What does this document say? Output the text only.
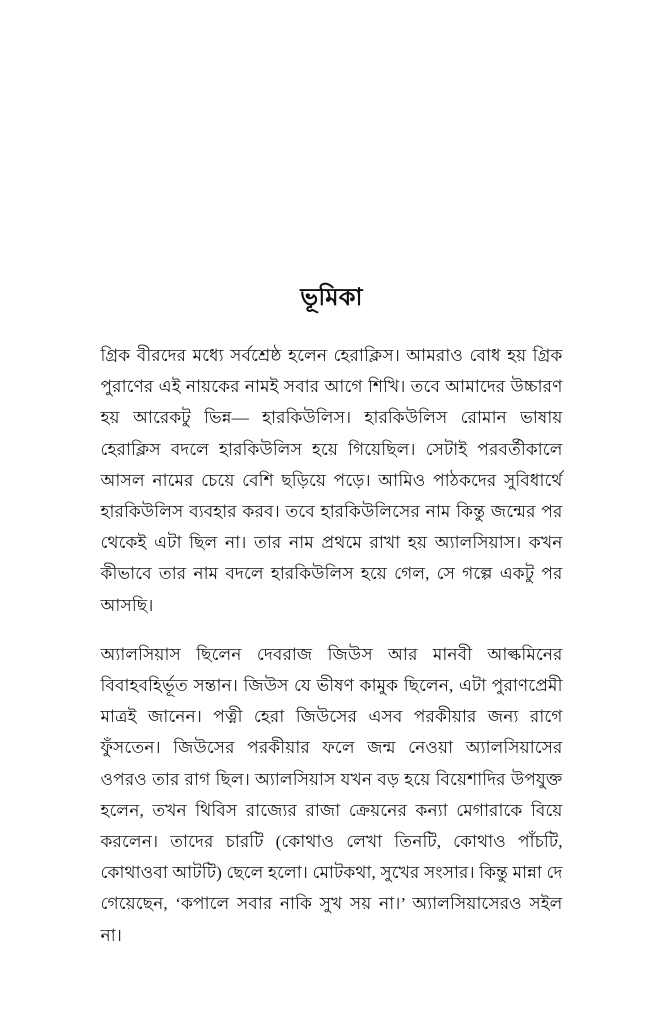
ভূমিকা

গ্রিক বীরদের মধ্যে সর্বশ্রেষ্ঠ হলেন হেরাক্লিস। আমরাও বোধ হয় গ্রিক পুরাণের এই নায়কের নামই সবার আগে শিখি। তবে আমাদের উচ্চারণ হয় আরেকটু ভিন্ন— হারকিউলিস। হারকিউলিস রোমান ভাষায় হেরাক্লিস বদলে হারকিউলিস হয়ে গিয়েছিল। সেটাই পরবর্তীকালে আসল নামের চেয়ে বেশি ছড়িয়ে পড়ে। আমিও পাঠকদের সুবিধার্থে হারকিউলিস ব্যবহার করব। তবে হারকিউলিসের নাম কিন্তু জন্মের পর থেকেই এটা ছিল না। তার নাম প্রথমে রাখা হয় অ্যালসিয়াস। কখন কীভাবে তার নাম বদলে হারকিউলিস হয়ে গেল, সে গল্পে একটু পর আসছি।

অ্যালসিয়াস ছিলেন দেবরাজ জিউস আর মানবী আল্কমিনের বিবাহবহির্ভূত সন্তান। জিউস যে ভীষণ কামুক ছিলেন, এটা পুরাণপ্রেমী মাত্রই জানেন। পত্নী হেরা জিউসের এসব পরকীয়ার জন্য রাগে ফুঁসতেন। জিউসের পরকীয়ার ফলে জন্ম নেওয়া অ্যালসিয়াসের ওপরও তার রাগ ছিল। অ্যালসিয়াস যখন বড় হয়ে বিয়েশাদির উপযুক্ত হলেন, তখন থিবিস রাজ্যের রাজা ক্রেয়নের কন্যা মেগারাকে বিয়ে করলেন। তাদের চারটি (কোথাও লেখা তিনটি, কোথাও পাঁচটি, কোথাওবা আটটি) ছেলে হলো। মোটকথা, সুখের সংসার। কিন্তু মান্না দে গেয়েছেন, ‘কপালে সবার নাকি সুখ সয় না।’ অ্যালসিয়াসেরও সইল না।
